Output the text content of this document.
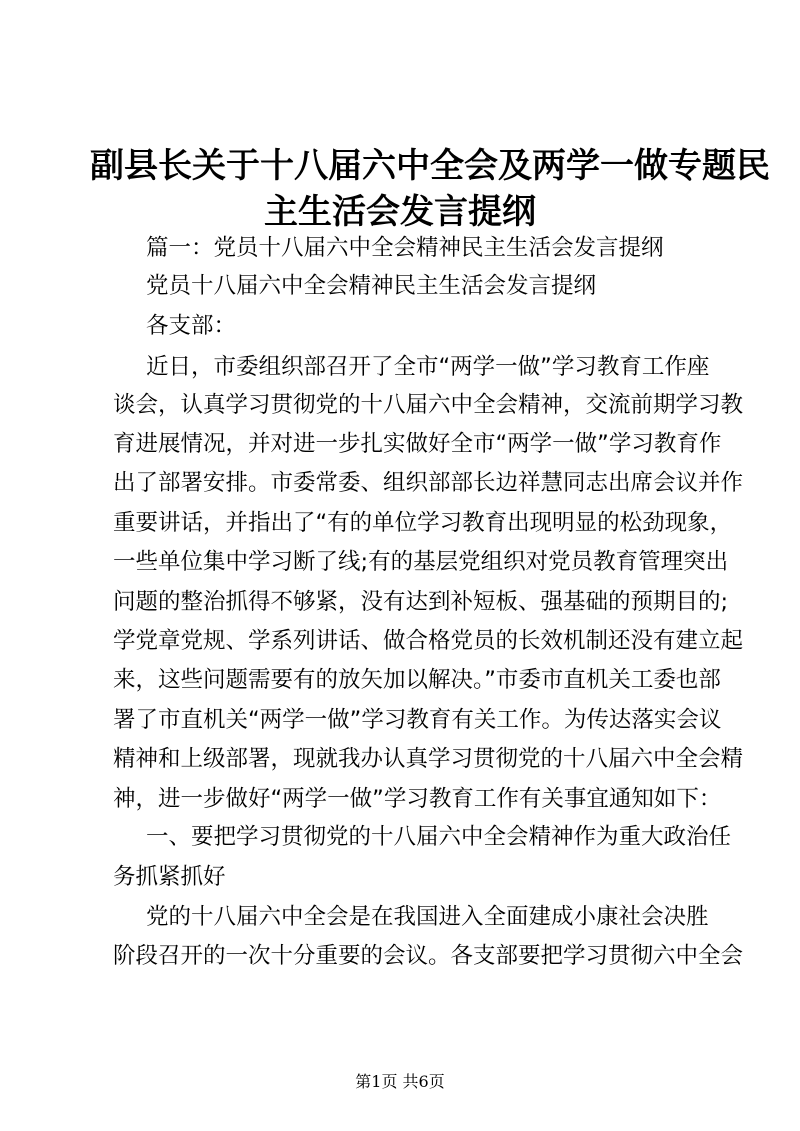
副县长关于十八届六中全会及两学一做专题民
主生活会发言提纲
篇一：党员十八届六中全会精神民主生活会发言提纲
党员十八届六中全会精神民主生活会发言提纲
各支部：
近日，市委组织部召开了全市“两学一做”学习教育工作座
谈会，认真学习贯彻党的十八届六中全会精神，交流前期学习教
育进展情况，并对进一步扎实做好全市“两学一做”学习教育作
出了部署安排。市委常委、组织部部长边祥慧同志出席会议并作
重要讲话，并指出了“有的单位学习教育出现明显的松劲现象，
一些单位集中学习断了线;有的基层党组织对党员教育管理突出
问题的整治抓得不够紧，没有达到补短板、强基础的预期目的;
学党章党规、学系列讲话、做合格党员的长效机制还没有建立起
来，这些问题需要有的放矢加以解决。”市委市直机关工委也部
署了市直机关“两学一做”学习教育有关工作。为传达落实会议
精神和上级部署，现就我办认真学习贯彻党的十八届六中全会精
神，进一步做好“两学一做”学习教育工作有关事宜通知如下：
一、要把学习贯彻党的十八届六中全会精神作为重大政治任
务抓紧抓好
党的十八届六中全会是在我国进入全面建成小康社会决胜
阶段召开的一次十分重要的会议。各支部要把学习贯彻六中全会
第1页 共6页
